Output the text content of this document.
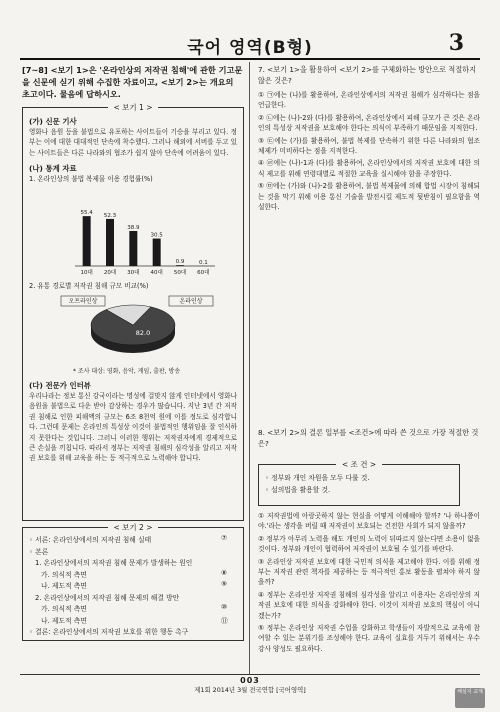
국어 영역(B형)	3
[7∼8] <보기 1>은 '온라인상의 저작권 침해'에 관한 기고문을 신문에 싣기 위해 수집한 자료이고, <보기 2>는 개요의 초고이다. 물음에 답하시오.
< 보기 1 >
(가) 신문 기사
영화나 음원 등을 불법으로 유포하는 사이트들이 기승을 부리고 있다. 정부는 이에 대한 대대적인 단속에 착수했다. 그러나 해외에 서버를 두고 있는 사이트들은 다른 나라와의 협조가 쉽지 않아 단속에 어려움이 있다.
(나) 통계 자료
1. 온라인상의 불법 복제물 이용 경험률(%)
55.4
10대
52.3
20대
38.9
30대
30.5
40대
0.9
50대
0.1
60대
2. 유통 경로별 저작권 침해 규모 비교(%)
82.0
오프라인상	온라인상
* 조사 대상: 영화, 음악, 게임, 출판, 방송
(다) 전문가 인터뷰
우리나라는 정보 통신 강국이라는 명성에 걸맞지 않게 인터넷에서 영화나 음원을 불법으로 다운 받아 감상하는 경우가 많습니다. 지난 3년 간 저작권 침해로 인한 피해액의 규모는 6조 8천억 원에 이를 정도로 심각합니다. 그런데 문제는 온라인의 특성상 이것이 불법적인 행위임을 잘 인식하지 못한다는 것입니다. 그러니 이러한 행위는 저작권자에게 경제적으로 큰 손실을 끼칩니다. 따라서 정부는 저작권 침해의 심각성을 알리고 저작권 보호를 위해 교육을 하는 등 적극적으로 노력해야 합니다.
< 보기 2 >
◦ 서론: 온라인상에서의 저작권 침해 실태	⑦
◦ 본론
1. 온라인상에서의 저작권 침해 문제가 발생하는 원인
가. 의식적 측면	⑧
나. 제도적 측면	⑨
2. 온라인상에서의 저작권 침해 문제의 해결 방안
가. 의식적 측면	⑩
나. 제도적 측면	⑪
◦ 결론: 온라인상에서의 저작권 보호를 위한 행동 촉구
7. <보기 1>을 활용하여 <보기 2>를 구체화하는 방안으로 적절하지 않은 것은?
① ㉠에는 (나)를 활용하여, 온라인상에서의 저작권 침해가 심각하다는 점을 언급한다.
② ㉡에는 (나)-2와 (다)를 활용하여, 온라인상에서 피해 규모가 큰 것은 온라인의 특성상 저작권을 보호해야 한다는 의식이 부족하기 때문임을 지적한다.
③ ㉢에는 (가)를 활용하여, 불법 복제를 단속하기 위한 다른 나라와의 협조 체제가 미비하다는 점을 지적한다.
④ ㉣에는 (나)-1과 (다)를 활용하여, 온라인상에서의 저작권 보호에 대한 의식 제고를 위해 연령대별로 적절한 교육을 실시해야 함을 주장한다.
⑤ ㉤에는 (가)와 (나)-2를 활용하여, 불법 복제물에 의해 합법 시장이 침해되는 것을 막기 위해 이용 통신 기술을 발전시킬 제도적 뒷받침이 필요함을 역설한다.
8. <보기 2>의 결론 일부를 <조건>에 따라 쓴 것으로 가장 적절한 것은?
< 조 건 >
◦ 정부와 개인 차원을 모두 다룰 것.
◦ 설의법을 활용할 것.
① 저작권법에 아랑곳하지 않는 현실을 어떻게 이해해야 할까? '나 하나쯤이야.'라는 생각을 버릴 때 저작권이 보호되는 건전한 사회가 되지 않을까?
② 정부가 아무리 노력을 해도 개인의 노력이 뒤따르지 않는다면 소용이 없을 것이다. 정부와 개인이 협력하여 저작권이 보호될 수 있기를 바란다.
③ 온라인상 저작권 보호에 대한 국민적 의식을 제고해야 한다. 이를 위해 정부는 저작권 관련 책자를 제공하는 등 적극적인 홍보 활동을 펼쳐야 하지 않을까?
④ 정부는 온라인상 저작권 침해의 심각성을 알리고 이용자는 온라인상의 저작권 보호에 대한 의식을 강화해야 한다. 이것이 저작권 보호의 핵심이 아니겠는가?
⑤ 정부는 온라인상 저작권 수업을 강화하고 학생들이 자발적으로 교육에 참여할 수 있는 분위기를 조성해야 한다. 교육이 실효를 거두기 위해서는 우수 강사 양성도 필요하다.
003
제1회 2014년 3월 전국연합 [국어영역]	해설지 교재
